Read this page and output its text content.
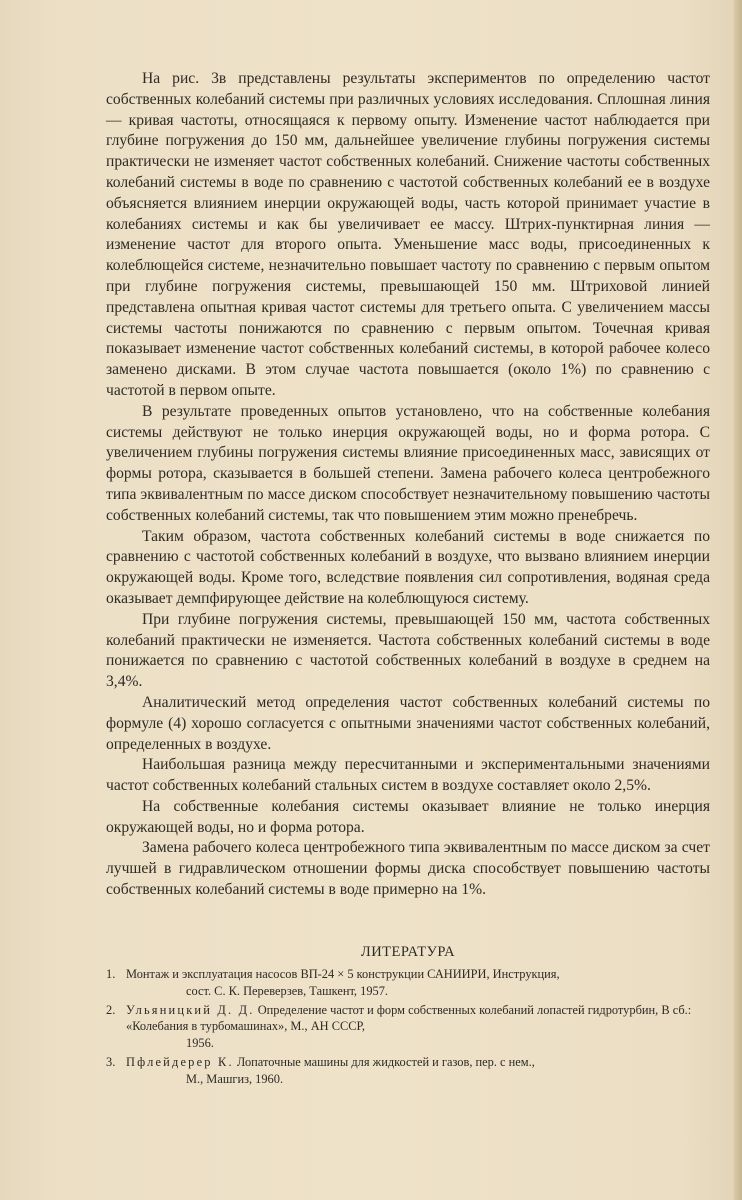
На рис. 3в представлены результаты экспериментов по определению частот собственных колебаний системы при различных условиях исследования. Сплошная линия — кривая частоты, относящаяся к первому опыту. Изменение частот наблюдается при глубине погружения до 150 мм, дальнейшее увеличение глубины погружения системы практически не изменяет частот собственных колебаний. Снижение частоты собственных колебаний системы в воде по сравнению с частотой собственных колебаний ее в воздухе объясняется влиянием инерции окружающей воды, часть которой принимает участие в колебаниях системы и как бы увеличивает ее массу. Штрих-пунктирная линия — изменение частот для второго опыта. Уменьшение масс воды, присоединенных к колеблющейся системе, незначительно повышает частоту по сравнению с первым опытом при глубине погружения системы, превышающей 150 мм. Штриховой линией представлена опытная кривая частот системы для третьего опыта. С увеличением массы системы частоты понижаются по сравнению с первым опытом. Точечная кривая показывает изменение частот собственных колебаний системы, в которой рабочее колесо заменено дисками. В этом случае частота повышается (около 1%) по сравнению с частотой в первом опыте.

В результате проведенных опытов установлено, что на собственные колебания системы действуют не только инерция окружающей воды, но и форма ротора. С увеличением глубины погружения системы влияние присоединенных масс, зависящих от формы ротора, сказывается в большей степени. Замена рабочего колеса центробежного типа эквивалентным по массе диском способствует незначительному повышению частоты собственных колебаний системы, так что повышением этим можно пренебречь.

Таким образом, частота собственных колебаний системы в воде снижается по сравнению с частотой собственных колебаний в воздухе, что вызвано влиянием инерции окружающей воды. Кроме того, вследствие появления сил сопротивления, водяная среда оказывает демпфирующее действие на колеблющуюся систему.

При глубине погружения системы, превышающей 150 мм, частота собственных колебаний практически не изменяется. Частота собственных колебаний системы в воде понижается по сравнению с частотой собственных колебаний в воздухе в среднем на 3,4%.

Аналитический метод определения частот собственных колебаний системы по формуле (4) хорошо согласуется с опытными значениями частот собственных колебаний, определенных в воздухе.

Наибольшая разница между пересчитанными и экспериментальными значениями частот собственных колебаний стальных систем в воздухе составляет около 2,5%.

На собственные колебания системы оказывает влияние не только инерция окружающей воды, но и форма ротора.

Замена рабочего колеса центробежного типа эквивалентным по массе диском за счет лучшей в гидравлическом отношении формы диска способствует повышению частоты собственных колебаний системы в воде примерно на 1%.

ЛИТЕРАТУРА
1. Монтаж и эксплуатация насосов ВП-24 × 5 конструкции САНИИРИ, Инструкция,
сост. С. К. Переверзев, Ташкент, 1957.
2. Ульяницкий Д. Д. Определение частот и форм собственных колебаний лопастей гидротурбин, В сб.: «Колебания в турбомашинах», М., АН СССР,
1956.
3. Пфлейдерер К. Лопаточные машины для жидкостей и газов, пер. с нем.,
М., Машгиз, 1960.
